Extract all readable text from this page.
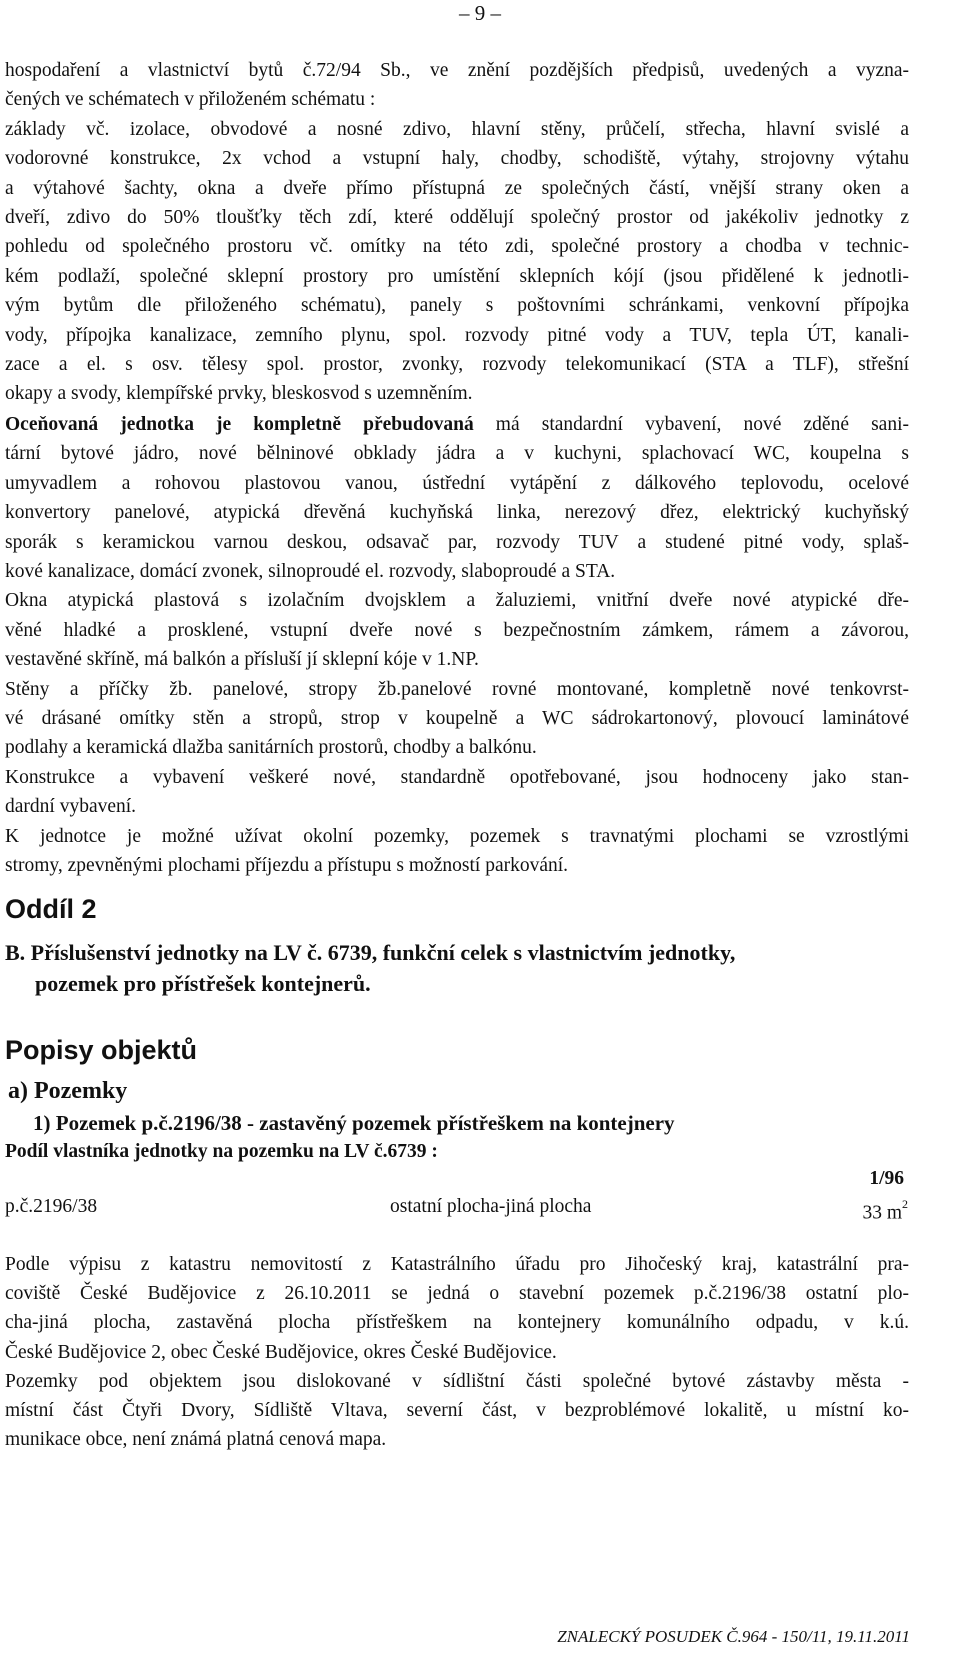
– 9 –
hospodaření a vlastnictví bytů č.72/94 Sb., ve znění pozdějších předpisů, uvedených a vyzna-
čených ve schématech v přiloženém schématu :
základy vč. izolace, obvodové a nosné zdivo, hlavní stěny, průčelí, střecha, hlavní svislé a
vodorovné konstrukce, 2x vchod a vstupní haly, chodby, schodiště, výtahy, strojovny výtahu
a výtahové šachty, okna a dveře přímo přístupná ze společných částí, vnější strany oken a
dveří, zdivo do 50% tloušťky těch zdí, které oddělují společný prostor od jakékoliv jednotky z
pohledu od společného prostoru vč. omítky na této zdi, společné prostory a chodba v technic-
kém podlaží, společné sklepní prostory pro umístění sklepních kójí (jsou přidělené k jednotli-
vým bytům dle přiloženého schématu), panely s poštovními schránkami, venkovní přípojka
vody, přípojka kanalizace, zemního plynu, spol. rozvody pitné vody a TUV, tepla ÚT, kanali-
zace a el. s osv. tělesy spol. prostor, zvonky, rozvody telekomunikací (STA a TLF), střešní
okapy a svody, klempířské prvky, bleskosvod s uzemněním.
Oceňovaná jednotka je kompletně přebudovaná má standardní vybavení, nové zděné sani-
tární bytové jádro, nové bělninové obklady jádra a v kuchyni, splachovací WC, koupelna s
umyvadlem a rohovou plastovou vanou, ústřední vytápění z dálkového teplovodu, ocelové
konvertory panelové, atypická dřevěná kuchyňská linka, nerezový dřez, elektrický kuchyňský
sporák s keramickou varnou deskou, odsavač par, rozvody TUV a studené pitné vody, splaš-
kové kanalizace, domácí zvonek, silnoproudé el. rozvody, slaboproudé a STA.
Okna atypická plastová s izolačním dvojsklem a žaluziemi, vnitřní dveře nové atypické dře-
věné hladké a prosklené, vstupní dveře nové s bezpečnostním zámkem, rámem a závorou,
vestavěné skříně, má balkón a přísluší jí sklepní kóje v 1.NP.
Stěny a příčky žb. panelové, stropy žb.panelové rovné montované, kompletně nové tenkovrst-
vé drásané omítky stěn a stropů, strop v koupelně a WC sádrokartonový, plovoucí laminátové
podlahy a keramická dlažba sanitárních prostorů, chodby a balkónu.
Konstrukce a vybavení veškeré nové, standardně opotřebované, jsou hodnoceny jako stan-
dardní vybavení.
K jednotce je možné užívat okolní pozemky, pozemek s travnatými plochami se vzrostlými
stromy, zpevněnými plochami příjezdu a přístupu s možností parkování.
Oddíl 2
B. Příslušenství jednotky na LV č. 6739, funkční celek s vlastnictvím jednotky,
pozemek pro přístřešek kontejnerů.
Popisy objektů
a) Pozemky
1) Pozemek p.č.2196/38 - zastavěný pozemek přístřeškem na kontejnery
Podíl vlastníka jednotky na pozemku na LV č.6739 :
1/96
p.č.2196/38	ostatní plocha-jiná plocha	33 $m^2$
Podle výpisu z katastru nemovitostí z Katastrálního úřadu pro Jihočeský kraj, katastrální pra-
coviště České Budějovice z 26.10.2011 se jedná o stavební pozemek p.č.2196/38 ostatní plo-
cha-jiná plocha, zastavěná plocha přístřeškem na kontejnery komunálního odpadu, v k.ú.
České Budějovice 2, obec České Budějovice, okres České Budějovice.
Pozemky pod objektem jsou dislokované v sídlištní části společné bytové zástavby města -
místní část Čtyři Dvory, Sídliště Vltava, severní část, v bezproblémové lokalitě, u místní ko-
munikace obce, není známá platná cenová mapa.
ZNALECKÝ POSUDEK Č.964 - 150/11, 19.11.2011
